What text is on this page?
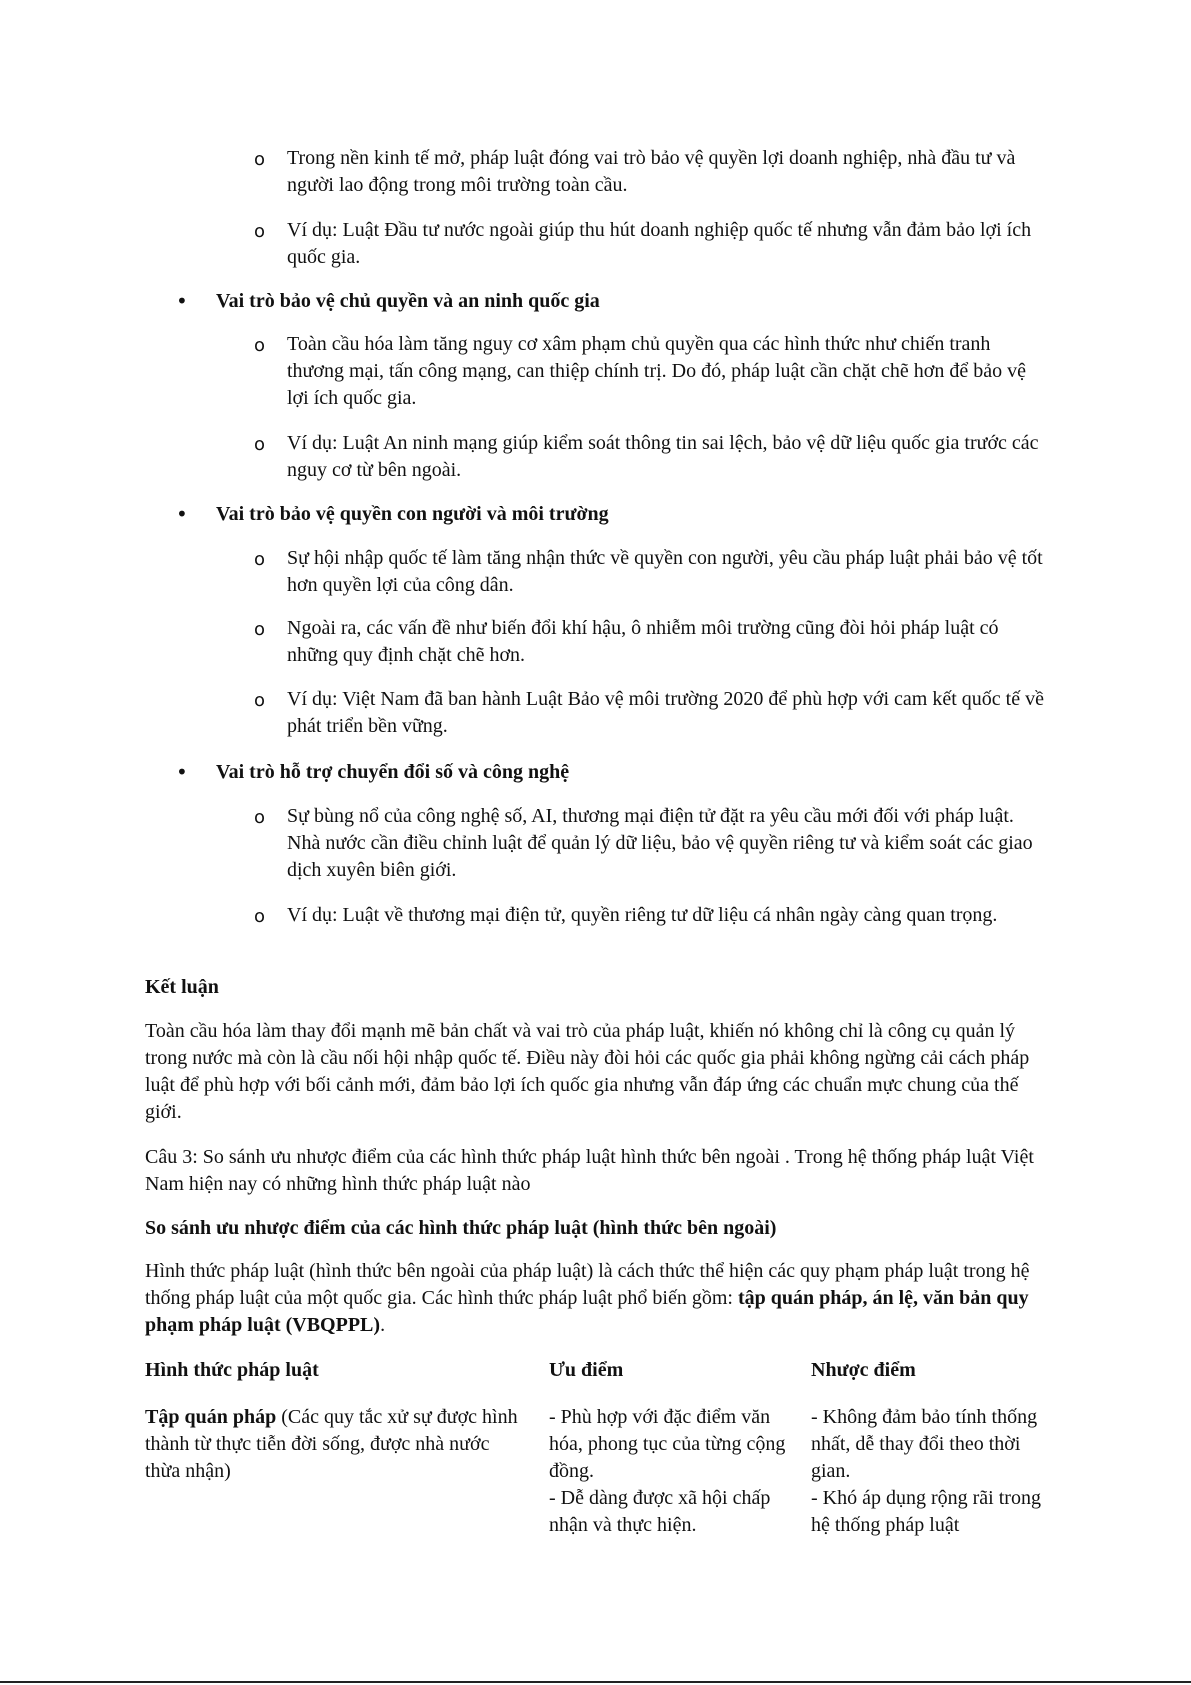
o Trong nền kinh tế mở, pháp luật đóng vai trò bảo vệ quyền lợi doanh nghiệp, nhà đầu tư và người lao động trong môi trường toàn cầu.
o Ví dụ: Luật Đầu tư nước ngoài giúp thu hút doanh nghiệp quốc tế nhưng vẫn đảm bảo lợi ích quốc gia.
• Vai trò bảo vệ chủ quyền và an ninh quốc gia
o Toàn cầu hóa làm tăng nguy cơ xâm phạm chủ quyền qua các hình thức như chiến tranh thương mại, tấn công mạng, can thiệp chính trị. Do đó, pháp luật cần chặt chẽ hơn để bảo vệ lợi ích quốc gia.
o Ví dụ: Luật An ninh mạng giúp kiểm soát thông tin sai lệch, bảo vệ dữ liệu quốc gia trước các nguy cơ từ bên ngoài.
• Vai trò bảo vệ quyền con người và môi trường
o Sự hội nhập quốc tế làm tăng nhận thức về quyền con người, yêu cầu pháp luật phải bảo vệ tốt hơn quyền lợi của công dân.
o Ngoài ra, các vấn đề như biến đổi khí hậu, ô nhiễm môi trường cũng đòi hỏi pháp luật có những quy định chặt chẽ hơn.
o Ví dụ: Việt Nam đã ban hành Luật Bảo vệ môi trường 2020 để phù hợp với cam kết quốc tế về phát triển bền vững.
• Vai trò hỗ trợ chuyển đổi số và công nghệ
o Sự bùng nổ của công nghệ số, AI, thương mại điện tử đặt ra yêu cầu mới đối với pháp luật. Nhà nước cần điều chỉnh luật để quản lý dữ liệu, bảo vệ quyền riêng tư và kiểm soát các giao dịch xuyên biên giới.
o Ví dụ: Luật về thương mại điện tử, quyền riêng tư dữ liệu cá nhân ngày càng quan trọng.
Kết luận
Toàn cầu hóa làm thay đổi mạnh mẽ bản chất và vai trò của pháp luật, khiến nó không chỉ là công cụ quản lý trong nước mà còn là cầu nối hội nhập quốc tế. Điều này đòi hỏi các quốc gia phải không ngừng cải cách pháp luật để phù hợp với bối cảnh mới, đảm bảo lợi ích quốc gia nhưng vẫn đáp ứng các chuẩn mực chung của thế giới.
Câu 3: So sánh ưu nhược điểm của các hình thức pháp luật hình thức bên ngoài . Trong hệ thống pháp luật Việt Nam hiện nay có những hình thức pháp luật nào
So sánh ưu nhược điểm của các hình thức pháp luật (hình thức bên ngoài)
Hình thức pháp luật (hình thức bên ngoài của pháp luật) là cách thức thể hiện các quy phạm pháp luật trong hệ thống pháp luật của một quốc gia. Các hình thức pháp luật phổ biến gồm: tập quán pháp, án lệ, văn bản quy phạm pháp luật (VBQPPL).
Hình thức pháp luật	Ưu điểm	Nhược điểm
Tập quán pháp (Các quy tắc xử sự được hình thành từ thực tiễn đời sống, được nhà nước thừa nhận)
- Phù hợp với đặc điểm văn hóa, phong tục của từng cộng đồng.
- Dễ dàng được xã hội chấp nhận và thực hiện.
- Không đảm bảo tính thống nhất, dễ thay đổi theo thời gian.
- Khó áp dụng rộng rãi trong hệ thống pháp luật
